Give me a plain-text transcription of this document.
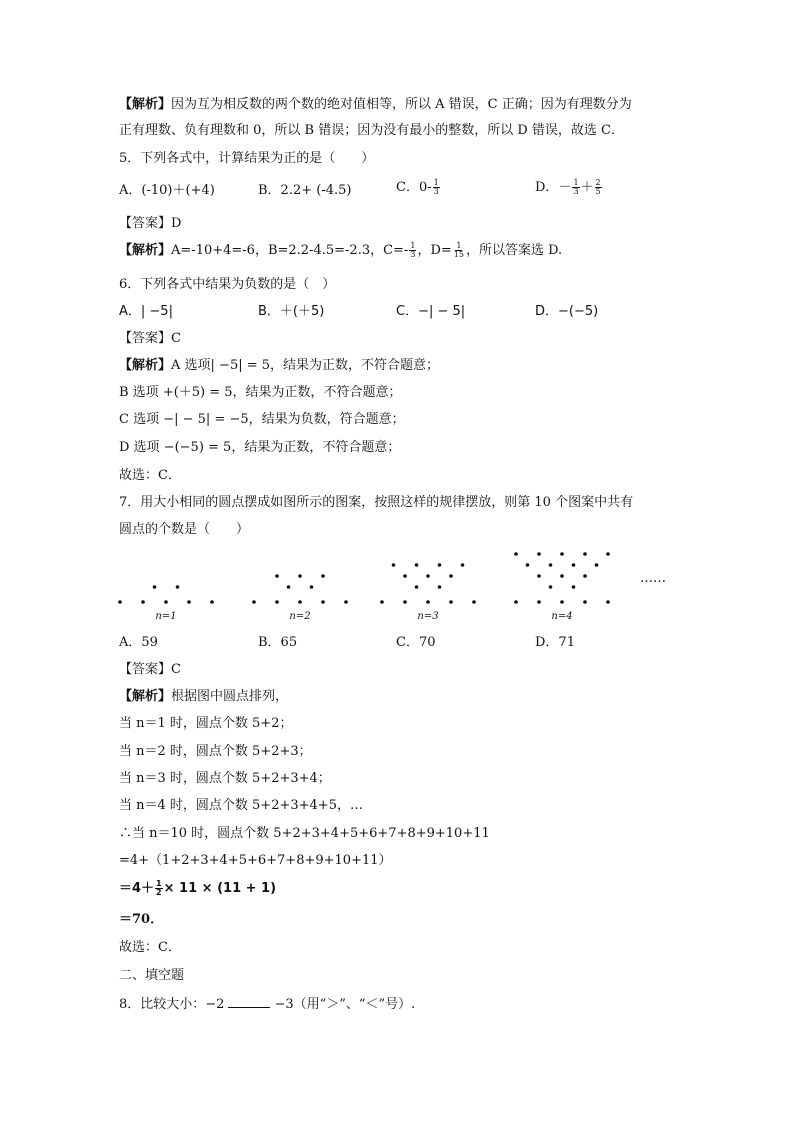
【解析】因为互为相反数的两个数的绝对值相等，所以 A 错误，C 正确；因为有理数分为
正有理数、负有理数和 0，所以 B 错误；因为没有最小的整数，所以 D 错误，故选 C．
5．下列各式中，计算结果为正的是（　　）
A．(-10)＋(+4)	B．2.2+ (-4.5)	C．$0- \frac{1}{3}$	D．－ $\frac{1}{3} + \frac{2}{5}$
【答案】D
【解析】A=-10+4=-6，B=2.2-4.5=-2.3，$C=- \frac{1}{3}$ ，$D= \frac{1}{15}$ ，所以答案选 D.
6．下列各式中结果为负数的是（　）
A．| −5|	B．＋(＋5)	C．−| − 5|	D．−(−5)
【答案】C
【解析】A 选项| −5| = 5，结果为正数，不符合题意；
B 选项 +(＋5) = 5，结果为正数，不符合题意；
C 选项 −| − 5| = −5，结果为负数，符合题意；
D 选项 −(−5) = 5，结果为正数，不符合题意；
故选：C．
7．用大小相同的圆点摆成如图所示的图案，按照这样的规律摆放，则第 10 个图案中共有
圆点的个数是（　　）
n=1	n=2	n=3	n=4
……
A．59	B．65	C．70	D．71
【答案】C
【解析】根据图中圆点排列，
当 n＝1 时，圆点个数 5+2；
当 n＝2 时，圆点个数 5+2+3；
当 n＝3 时，圆点个数 5+2+3+4；
当 n＝4 时，圆点个数 5+2+3+4+5，…
∴当 n＝10 时，圆点个数 5+2+3+4+5+6+7+8+9+10+11
=4+（1+2+3+4+5+6+7+8+9+10+11）
$=4+ \frac{1}{2} \times 11 \times (11 + 1)$
＝70．
故选：C．
二、填空题
8．比较大小：−2	−3（用“＞”、“＜”号）.
